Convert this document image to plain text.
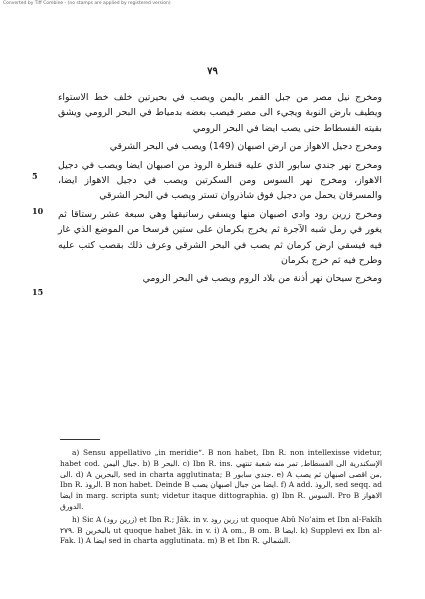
Converted by Tiff Combine - (no stamps are applied by registered version)
٧٩

ومخرج نيل مصر من جبل القمر باليمن ويصب في بحيرتين خلف خط الاستواء ويطيف بارض النوبة ويجيء الى مصر فيصب بعضه بدمياط في البحر الرومي ويشق بقيته الفسطاط حتى يصب ايضا في البحر الرومي

5
ومخرج دجيل الاهواز من ارض اصبهان (149) ويصب في البحر الشرقي

10
ومخرج نهر جندي سابور الذي عليه قنطرة الروذ من اصبهان ايضا ويصب في دجيل الاهواز، ومخرج نهر السوس ومن السكرتين ويصب في دجيل الاهواز ايضا، والمسرقان يحمل من دجيل فوق شاذروان تستر ويصب في البحر الشرقي

15
ومخرج زرين رود وادي اصبهان منها ويسقي رساتيقها وهي سبعة عشر رستاقا ثم يغور في رمل شبه الآجرة ثم يخرج بكرمان على ستين فرسخا من الموضع الذي غار فيه فيسقي ارض كرمان ثم يصب في البحر الشرقي وعرف ذلك بقصب كتب عليه وطرح فيه ثم خرج بكرمان

ومخرج سيحان نهر أذنة من بلاد الروم ويصب في البحر الرومي

a) Sensu appellativo „in meridie“. B non habet, Ibn R. non intellexisse videtur, habet cod. جبال اليمن. b) B البحر. c) Ibn R. ins. الإسكندرية الى الفسطاط, تمر منه شعبة تنتهي الى. d) A البحرين, sed in charta agglutinata; B جندي سابور. e) A من اقصى اصبهان ثم يصب, Ibn R. الروذ. B non habet. Deinde B ايضا من جبال اصبهان يصب. f) A add. الروذ, sed seqq. ad ايضا in marg. scripta sunt; videtur itaque dittographia. g) Ibn R. السوس. Pro B الاهواز الدورق.

h) Sic A (زرين رود) et Ibn R.; Jâk. in v. زرين رود ut quoque Abû No’aim et Ibn al-Fakîh ٢٧٩. B بالبخرين ut quoque habet Jâk. in v. i) A om., B om. B ايضا. k) Supplevi ex Ibn al-Fak. l) A ايضا sed in charta agglutinata. m) B et Ibn R. الشمالي.
